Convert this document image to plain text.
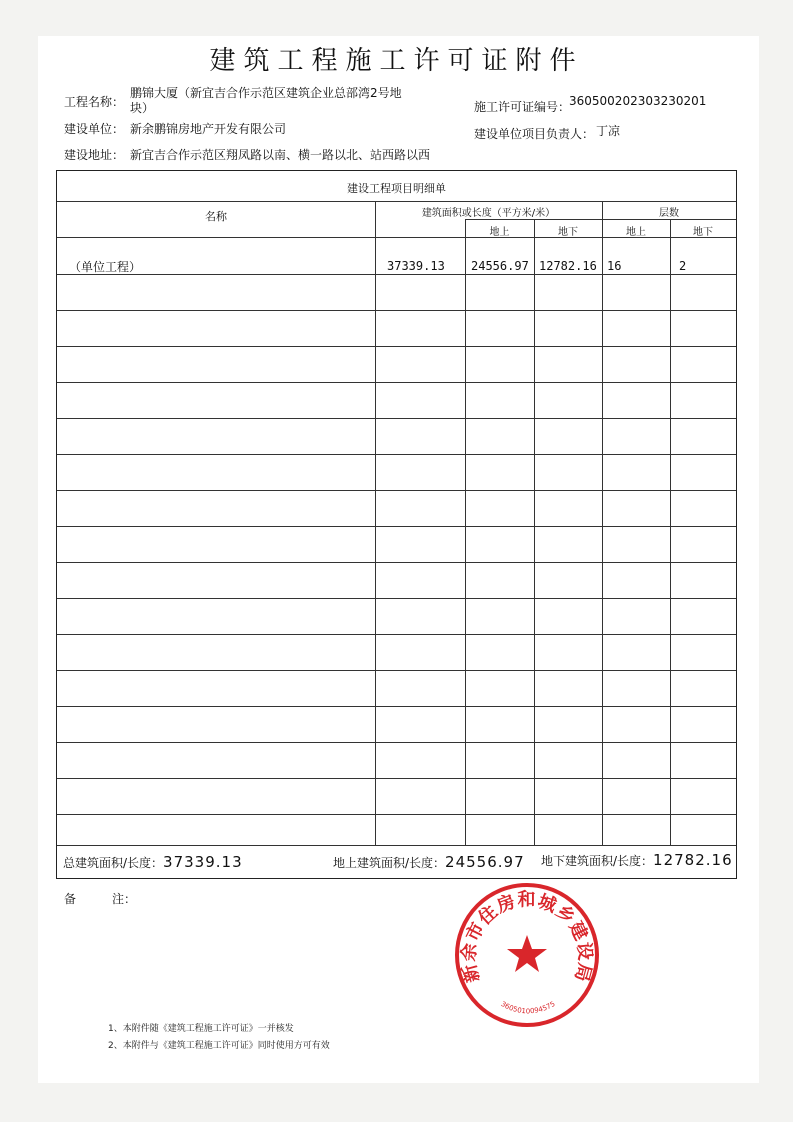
建筑工程施工许可证附件
工程名称：
鹏锦大厦（新宜吉合作示范区建筑企业总部湾2号地
块）	施工许可证编号：
360500202303230201
建设单位： 新余鹏锦房地产开发有限公司	建设单位项目负责人： 丁凉
建设地址： 新宜吉合作示范区翔凤路以南、横一路以北、站西路以西
建设工程项目明细单
名称	建筑面积或长度（平方米/米）	层数
地上	地下	地上	地下
（单位工程）	37339.13 24556.97 12782.16 16	2
总建筑面积/长度：37339.13	地上建筑面积/长度：24556.97 地下建筑面积/长度：12782.16
备	注：
1、本附件随《建筑工程施工许可证》一并核发
2、本附件与《建筑工程施工许可证》同时使用方可有效
新余市住房和城乡建设局
3605010094575
